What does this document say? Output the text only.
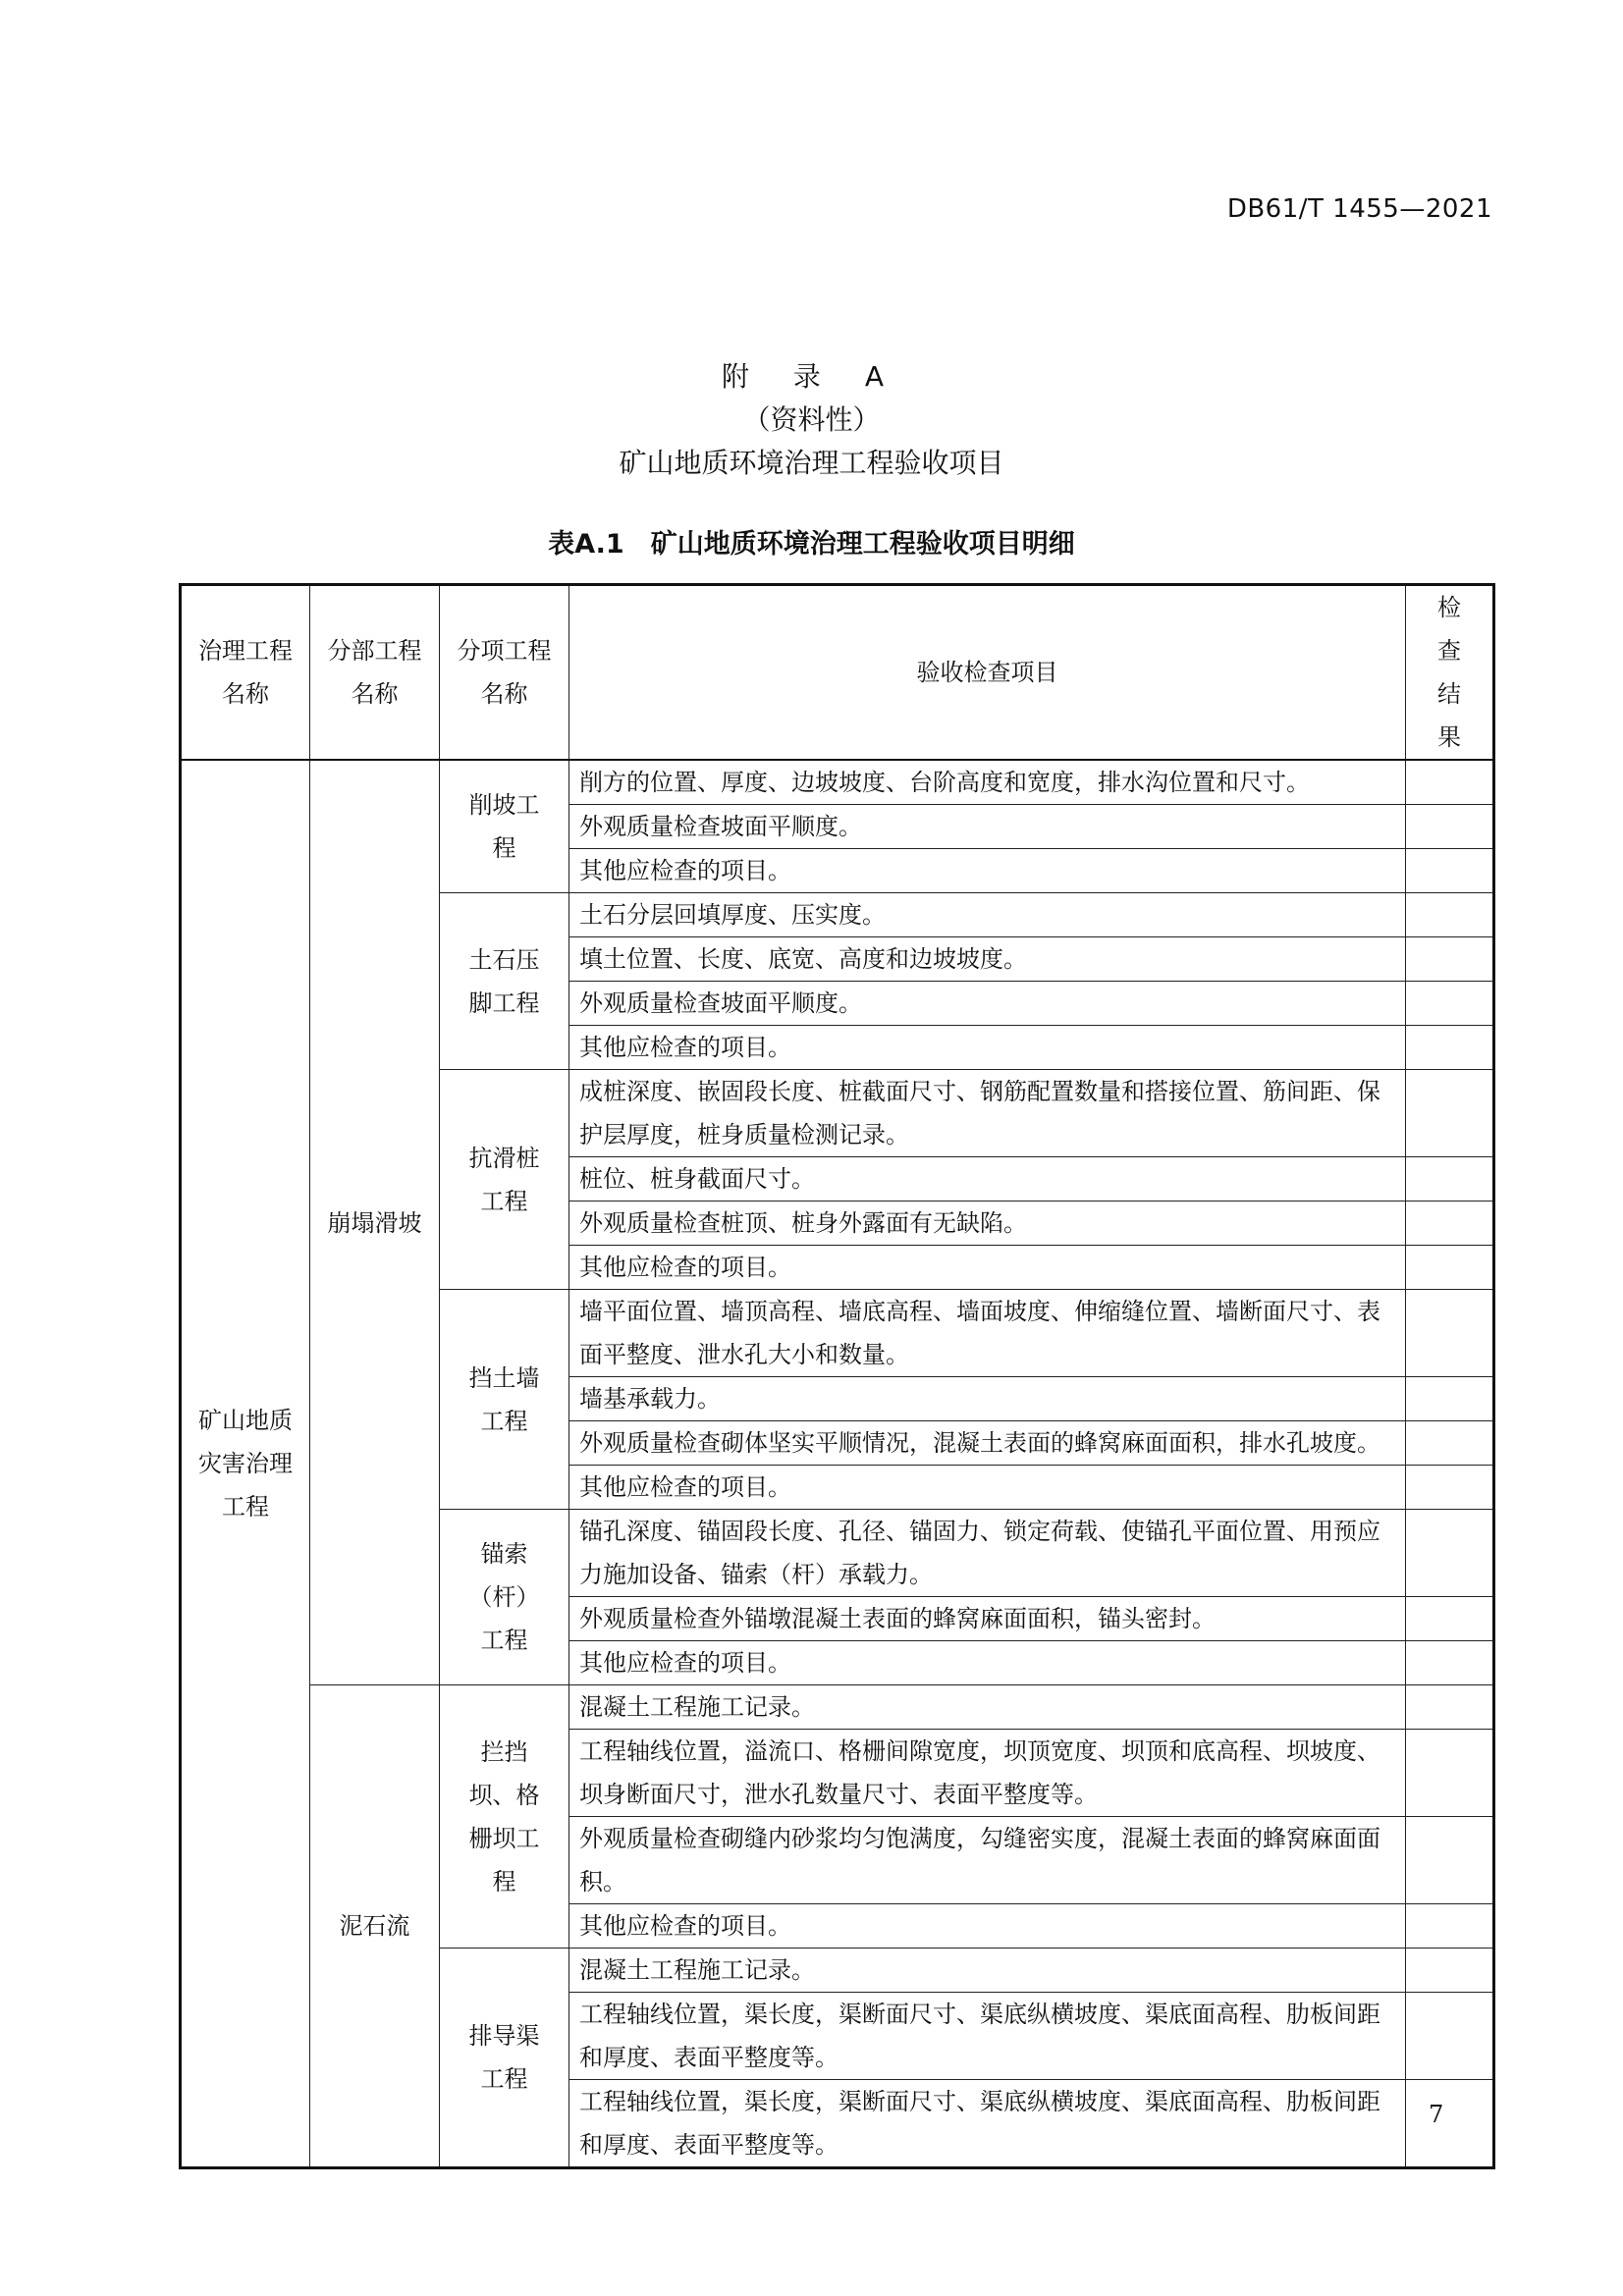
DB61/T 1455—2021
附 录 A
（资料性）
矿山地质环境治理工程验收项目
表A.1　矿山地质环境治理工程验收项目明细
治理工程名称	分部工程名称	分项工程名称	验收检查项目	检查结果
矿山地质灾害治理工程	崩塌滑坡	削坡工程	削方的位置、厚度、边坡坡度、台阶高度和宽度，排水沟位置和尺寸。	
			外观质量检查坡面平顺度。	
			其他应检查的项目。	
		土石压脚工程	土石分层回填厚度、压实度。	
			填土位置、长度、底宽、高度和边坡坡度。	
			外观质量检查坡面平顺度。	
			其他应检查的项目。	
		抗滑桩工程	成桩深度、嵌固段长度、桩截面尺寸、钢筋配置数量和搭接位置、筋间距、保护层厚度，桩身质量检测记录。	
			桩位、桩身截面尺寸。	
			外观质量检查桩顶、桩身外露面有无缺陷。	
			其他应检查的项目。	
		挡土墙工程	墙平面位置、墙顶高程、墙底高程、墙面坡度、伸缩缝位置、墙断面尺寸、表面平整度、泄水孔大小和数量。	
			墙基承载力。	
			外观质量检查砌体坚实平顺情况，混凝土表面的蜂窝麻面面积，排水孔坡度。	
			其他应检查的项目。	
		锚索（杆）工程	锚孔深度、锚固段长度、孔径、锚固力、锁定荷载、使锚孔平面位置、用预应力施加设备、锚索（杆）承载力。	
			外观质量检查外锚墩混凝土表面的蜂窝麻面面积，锚头密封。	
			其他应检查的项目。	
	泥石流	拦挡坝、格栅坝工程	混凝土工程施工记录。	
			工程轴线位置，溢流口、格栅间隙宽度，坝顶宽度、坝顶和底高程、坝坡度、坝身断面尺寸，泄水孔数量尺寸、表面平整度等。	
			外观质量检查砌缝内砂浆均匀饱满度，勾缝密实度，混凝土表面的蜂窝麻面面积。	
			其他应检查的项目。	
		排导渠工程	混凝土工程施工记录。	
			工程轴线位置，渠长度，渠断面尺寸、渠底纵横坡度、渠底面高程、肋板间距和厚度、表面平整度等。	
			工程轴线位置，渠长度，渠断面尺寸、渠底纵横坡度、渠底面高程、肋板间距和厚度、表面平整度等。	
7
